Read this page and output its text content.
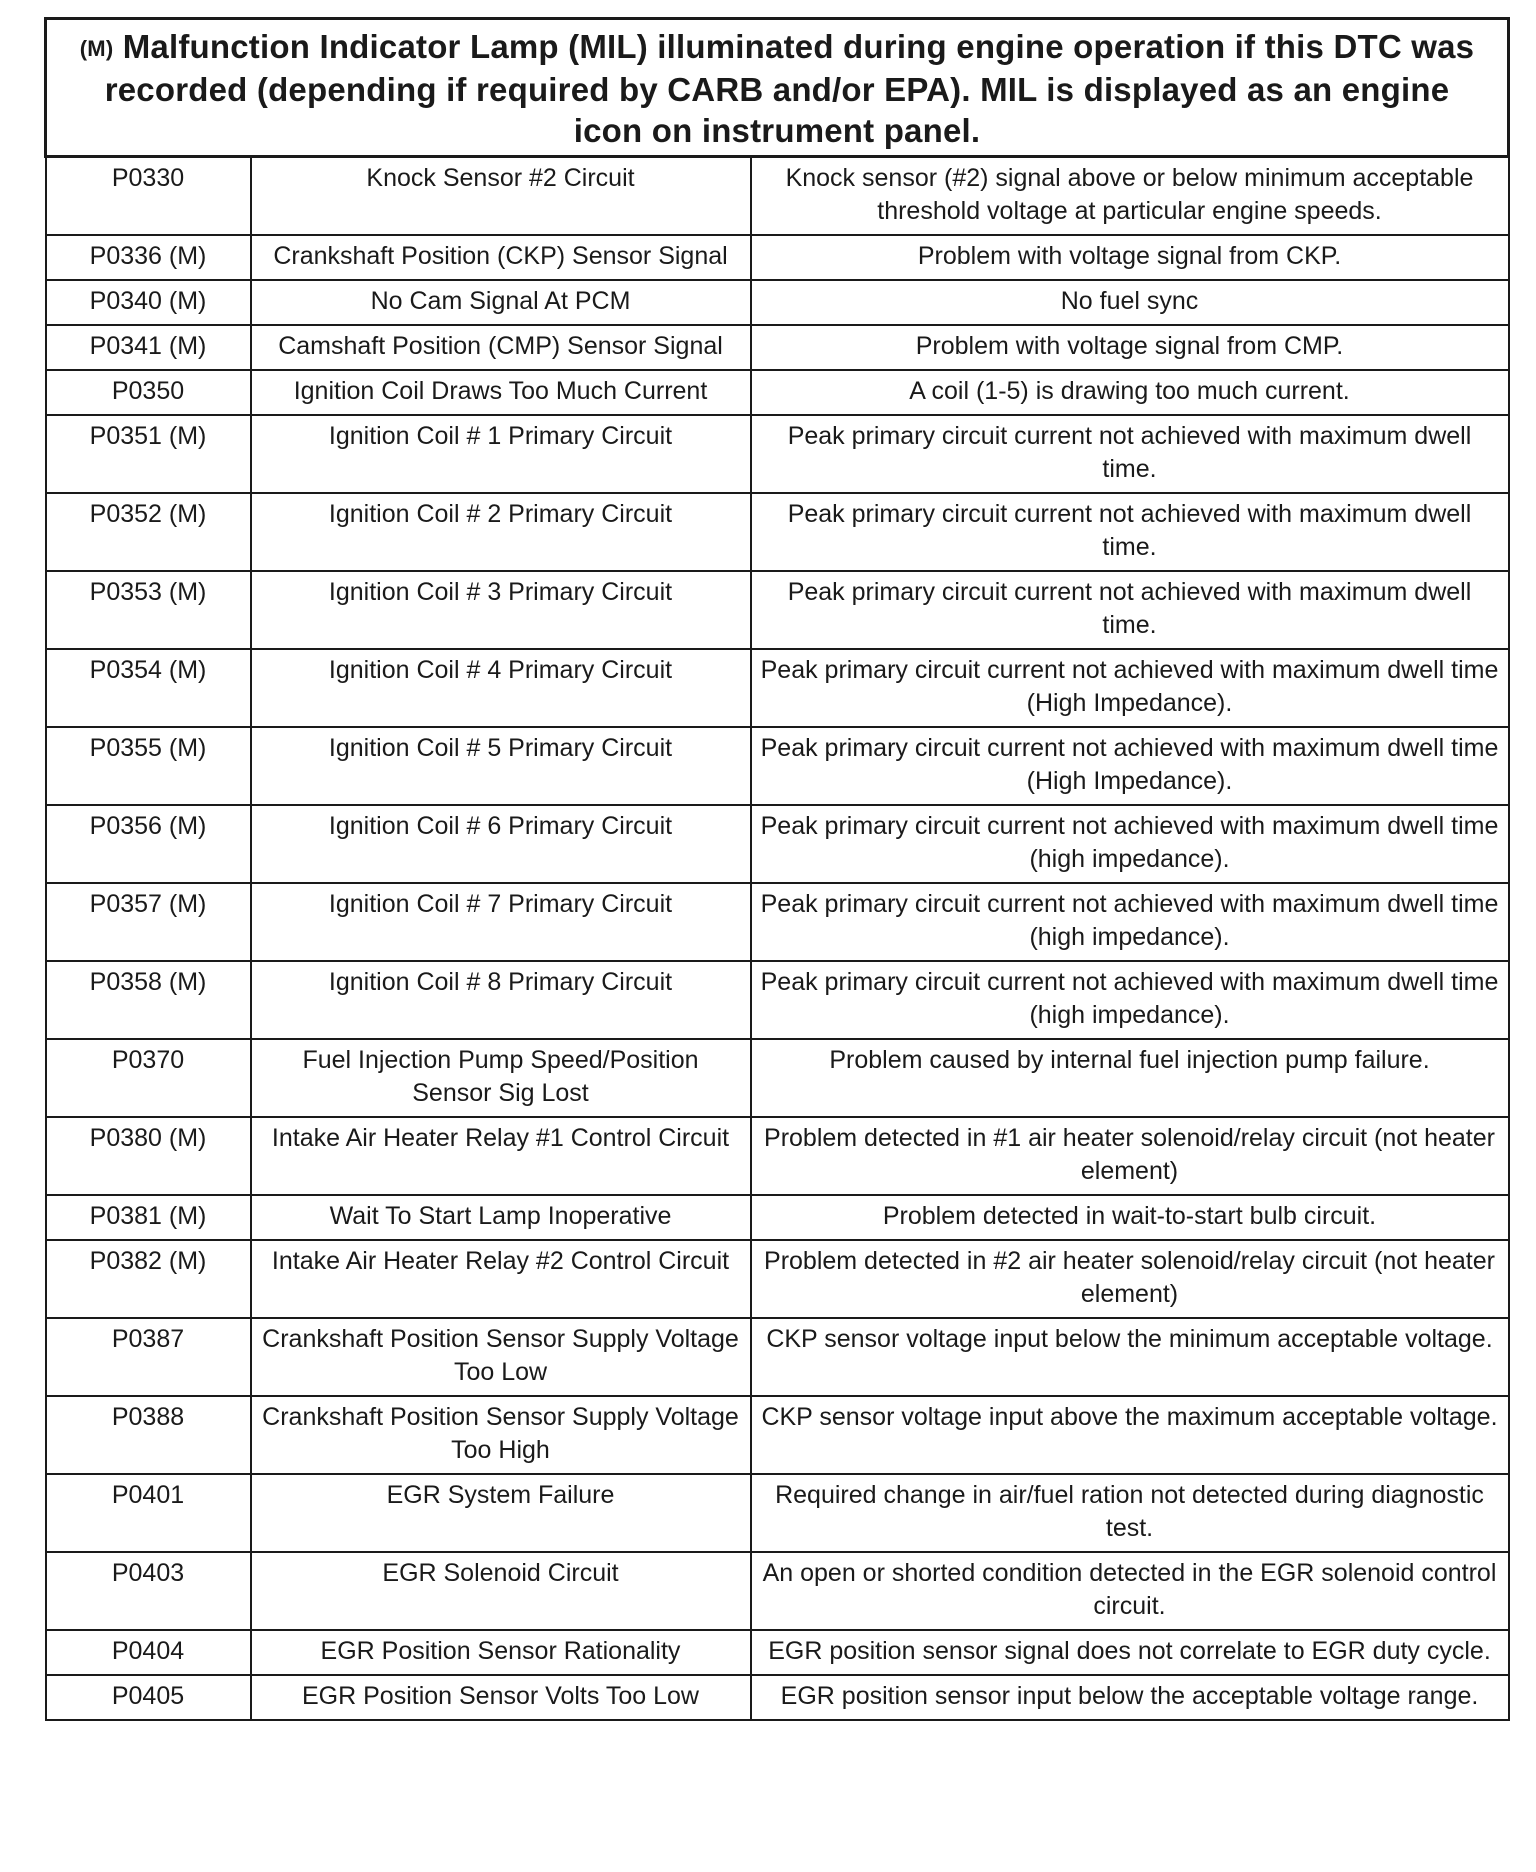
(M) Malfunction Indicator Lamp (MIL) illuminated during engine operation if this DTC was recorded (depending if required by CARB and/or EPA). MIL is displayed as an engine icon on instrument panel.		
P0330	Knock Sensor #2 Circuit	Knock sensor (#2) signal above or below minimum acceptable threshold voltage at particular engine speeds.
P0336 (M)	Crankshaft Position (CKP) Sensor Signal	Problem with voltage signal from CKP.
P0340 (M)	No Cam Signal At PCM	No fuel sync
P0341 (M)	Camshaft Position (CMP) Sensor Signal	Problem with voltage signal from CMP.
P0350	Ignition Coil Draws Too Much Current	A coil (1-5) is drawing too much current.
P0351 (M)	Ignition Coil # 1 Primary Circuit	Peak primary circuit current not achieved with maximum dwell time.
P0352 (M)	Ignition Coil # 2 Primary Circuit	Peak primary circuit current not achieved with maximum dwell time.
P0353 (M)	Ignition Coil # 3 Primary Circuit	Peak primary circuit current not achieved with maximum dwell time.
P0354 (M)	Ignition Coil # 4 Primary Circuit	Peak primary circuit current not achieved with maximum dwell time (High Impedance).
P0355 (M)	Ignition Coil # 5 Primary Circuit	Peak primary circuit current not achieved with maximum dwell time (High Impedance).
P0356 (M)	Ignition Coil # 6 Primary Circuit	Peak primary circuit current not achieved with maximum dwell time (high impedance).
P0357 (M)	Ignition Coil # 7 Primary Circuit	Peak primary circuit current not achieved with maximum dwell time (high impedance).
P0358 (M)	Ignition Coil # 8 Primary Circuit	Peak primary circuit current not achieved with maximum dwell time (high impedance).
P0370	Fuel Injection Pump Speed/Position Sensor Sig Lost	Problem caused by internal fuel injection pump failure.
P0380 (M)	Intake Air Heater Relay #1 Control Circuit	Problem detected in #1 air heater solenoid/relay circuit (not heater element)
P0381 (M)	Wait To Start Lamp Inoperative	Problem detected in wait-to-start bulb circuit.
P0382 (M)	Intake Air Heater Relay #2 Control Circuit	Problem detected in #2 air heater solenoid/relay circuit (not heater element)
P0387	Crankshaft Position Sensor Supply Voltage Too Low	CKP sensor voltage input below the minimum acceptable voltage.
P0388	Crankshaft Position Sensor Supply Voltage Too High	CKP sensor voltage input above the maximum acceptable voltage.
P0401	EGR System Failure	Required change in air/fuel ration not detected during diagnostic test.
P0403	EGR Solenoid Circuit	An open or shorted condition detected in the EGR solenoid control circuit.
P0404	EGR Position Sensor Rationality	EGR position sensor signal does not correlate to EGR duty cycle.
P0405	EGR Position Sensor Volts Too Low	EGR position sensor input below the acceptable voltage range.
